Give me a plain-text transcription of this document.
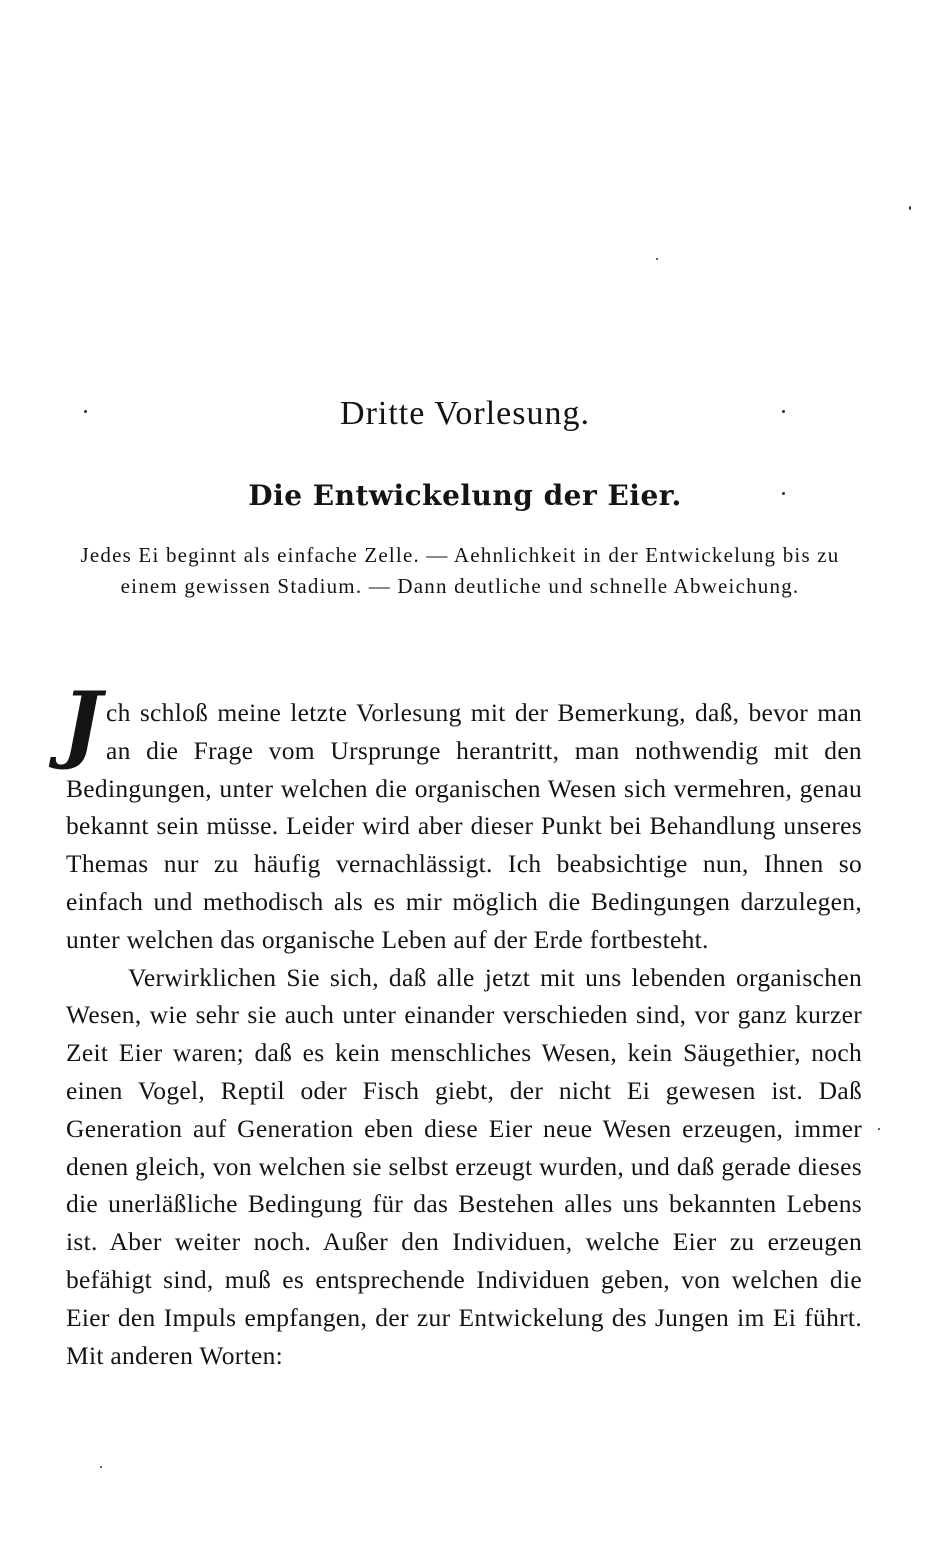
Dritte Vorlesung.
Die Entwickelung der Eier.
Jedes Ei beginnt als einfache Zelle. — Aehnlichkeit in der Entwickelung bis zu einem gewissen Stadium. — Dann deutliche und schnelle Abweichung.

Jch schloß meine letzte Vorlesung mit der Bemerkung, daß, bevor man an die Frage vom Ursprunge herantritt, man nothwendig mit den Bedingungen, unter welchen die organischen Wesen sich vermehren, genau bekannt sein müsse. Leider wird aber dieser Punkt bei Behandlung unseres Themas nur zu häufig vernachlässigt. Ich beabsichtige nun, Ihnen so einfach und methodisch als es mir möglich die Bedingungen darzulegen, unter welchen das organische Leben auf der Erde fortbesteht.

Verwirklichen Sie sich, daß alle jetzt mit uns lebenden organischen Wesen, wie sehr sie auch unter einander verschieden sind, vor ganz kurzer Zeit Eier waren; daß es kein menschliches Wesen, kein Säugethier, noch einen Vogel, Reptil oder Fisch giebt, der nicht Ei gewesen ist. Daß Generation auf Generation eben diese Eier neue Wesen erzeugen, immer denen gleich, von welchen sie selbst erzeugt wurden, und daß gerade dieses die unerläßliche Bedingung für das Bestehen alles uns bekannten Lebens ist. Aber weiter noch. Außer den Individuen, welche Eier zu erzeugen befähigt sind, muß es entsprechende Individuen geben, von welchen die Eier den Impuls empfangen, der zur Entwickelung des Jungen im Ei führt. Mit anderen Worten:
